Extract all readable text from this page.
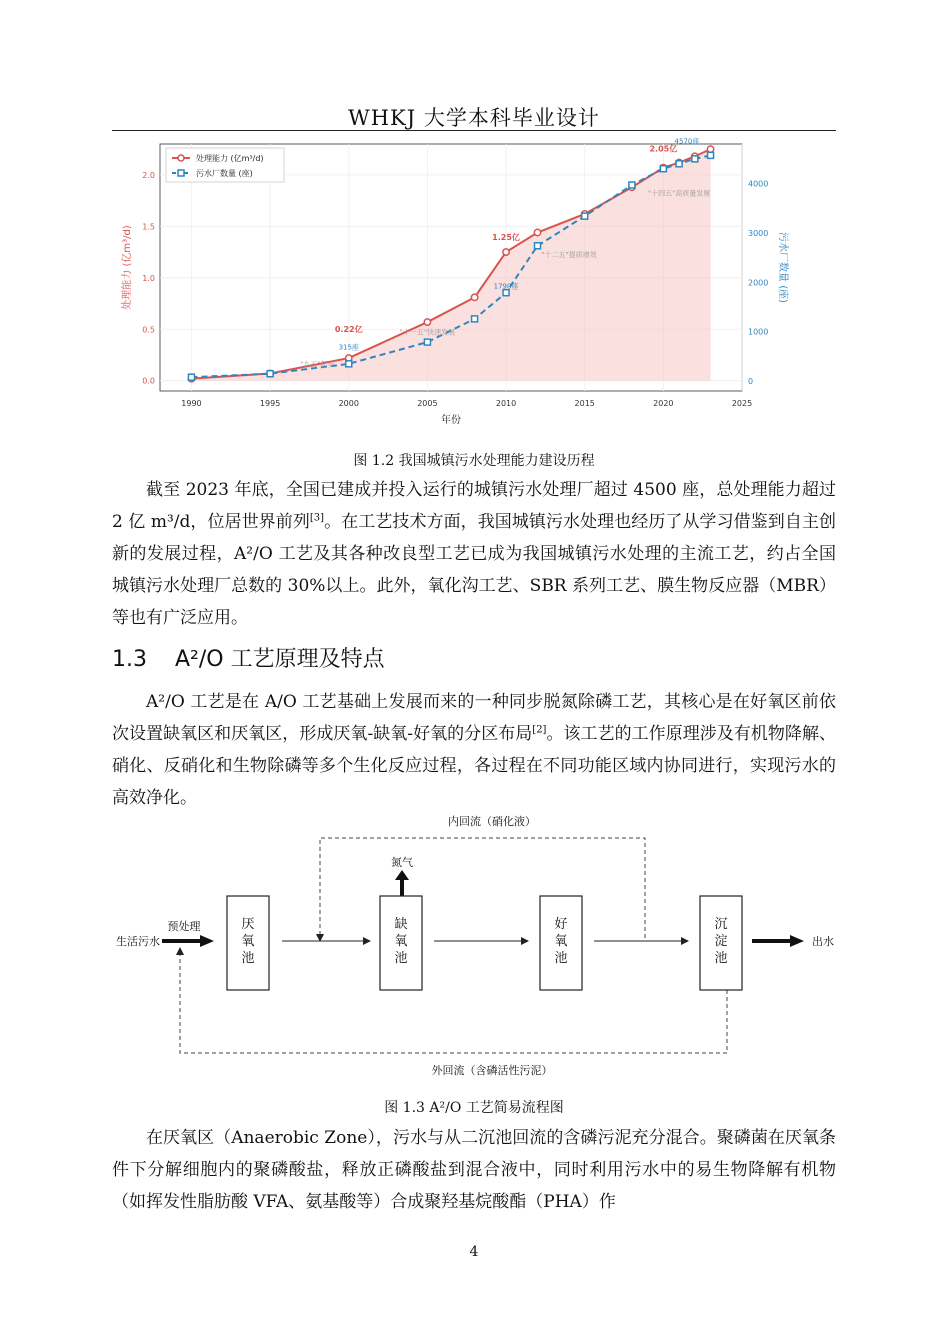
WHKJ 大学本科毕业设计
1990	1995	2000	2005	2010	2015	2020	2025
0.0
0.5
1.0
1.5
2.0
0
1000
2000
3000
4000
年份
处理能力 (亿m³/d)	污水厂数量 (座)
0.22亿
315座
1.25亿
1790座
2.05亿
4570座
"九五"起步
"十一五"快速发展
"十二五"提质增效
"十四五"高质量发展
处理能力 (亿m³/d)
污水厂数量 (座)
图 1.2 我国城镇污水处理能力建设历程

截至 2023 年底，全国已建成并投入运行的城镇污水处理厂超过 4500 座，总处理能力超过 2 亿 m³/d，位居世界前列[3]。在工艺技术方面，我国城镇污水处理也经历了从学习借鉴到自主创新的发展过程，A²/O 工艺及其各种改良型工艺已成为我国城镇污水处理的主流工艺，约占全国城镇污水处理厂总数的 30%以上。此外，氧化沟工艺、SBR 系列工艺、膜生物反应器（MBR）等也有广泛应用。

1.3 A²/O 工艺原理及特点

A²/O 工艺是在 A/O 工艺基础上发展而来的一种同步脱氮除磷工艺，其核心是在好氧区前依次设置缺氧区和厌氧区，形成厌氧-缺氧-好氧的分区布局[2]。该工艺的工作原理涉及有机物降解、硝化、反硝化和生物除磷等多个生化反应过程，各过程在不同功能区域内协同进行，实现污水的高效净化。

内回流（硝化液）
外回流（含磷活性污泥）
氮气
预处理
生活污水
厌
氧
池
缺
氧
池
好
氧
池
沉
淀
池
出水
图 1.3 A²/O 工艺简易流程图

在厌氧区（Anaerobic Zone），污水与从二沉池回流的含磷污泥充分混合。聚磷菌在厌氧条件下分解细胞内的聚磷酸盐，释放正磷酸盐到混合液中，同时利用污水中的易生物降解有机物（如挥发性脂肪酸 VFA、氨基酸等）合成聚羟基烷酸酯（PHA）作

4
